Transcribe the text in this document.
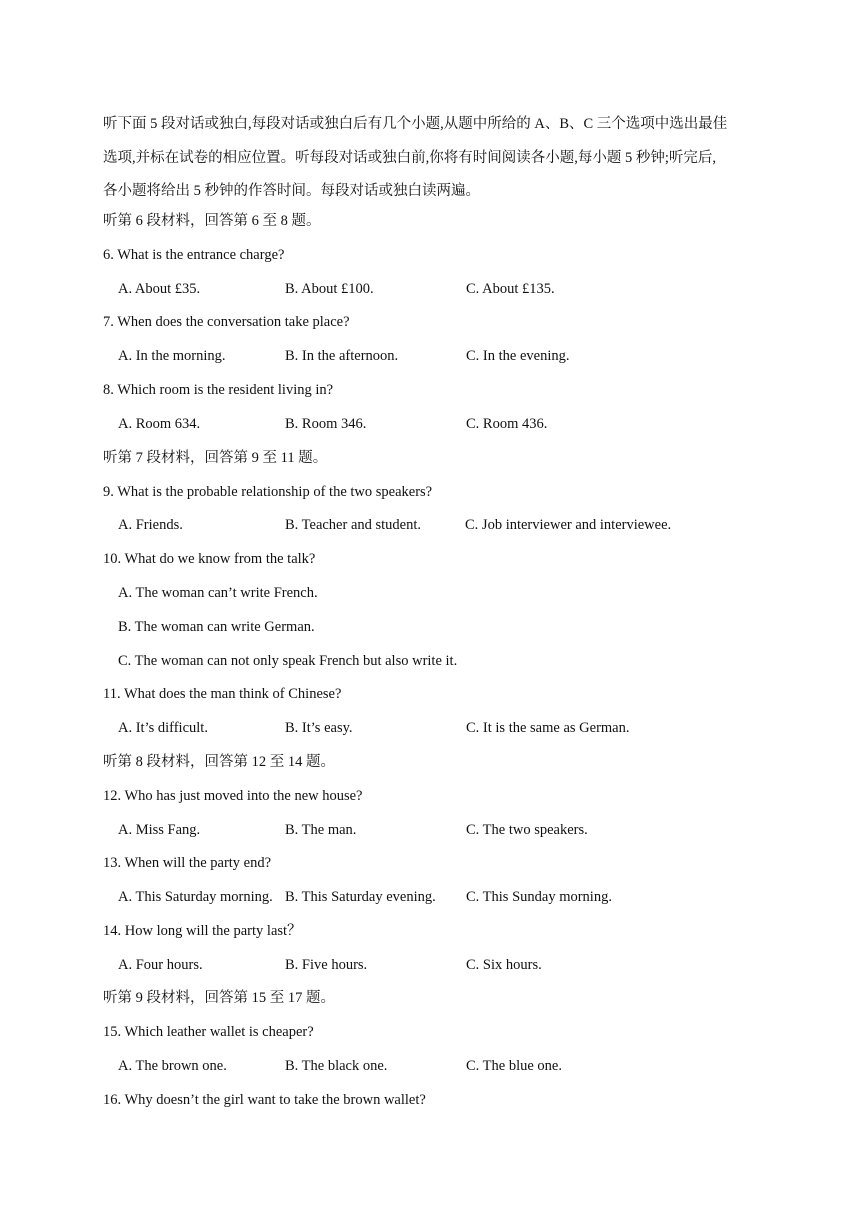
听下面 5 段对话或独白,每段对话或独白后有几个小题,从题中所给的 A、B、C 三个选项中选出最佳
选项,并标在试卷的相应位置。听每段对话或独白前,你将有时间阅读各小题,每小题 5 秒钟;听完后,
各小题将给出 5 秒钟的作答时间。每段对话或独白读两遍。
听第 6 段材料，回答第 6 至 8 题。
6. What is the entrance charge?
A. About £35.	B. About £100.	C. About £135.
7. When does the conversation take place?
A. In the morning.	B. In the afternoon.	C. In the evening.
8. Which room is the resident living in?
A. Room 634.	B. Room 346.	C. Room 436.
听第 7 段材料，回答第 9 至 11 题。
9. What is the probable relationship of the two speakers?
A. Friends.	B. Teacher and student.	C. Job interviewer and interviewee.
10. What do we know from the talk?
A. The woman can’t write French.
B. The woman can write German.
C. The woman can not only speak French but also write it.
11. What does the man think of Chinese?
A. It’s difficult.	B. It’s easy.	C. It is the same as German.
听第 8 段材料，回答第 12 至 14 题。
12. Who has just moved into the new house?
A. Miss Fang.	B. The man.	C. The two speakers.
13. When will the party end?
A. This Saturday morning. B. This Saturday evening. C. This Sunday morning.
14. How long will the party last？
A. Four hours.	B. Five hours.	C. Six hours.
听第 9 段材料，回答第 15 至 17 题。
15. Which leather wallet is cheaper?
A. The brown one.	B. The black one.	C. The blue one.
16. Why doesn’t the girl want to take the brown wallet?
